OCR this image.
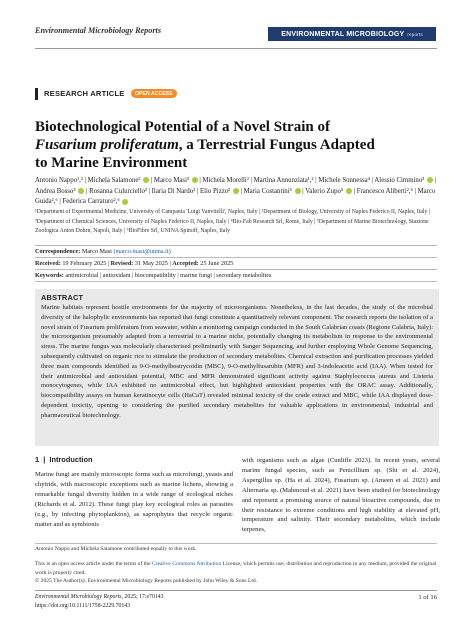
Environmental Microbiology Reports	ENVIRONMENTAL MICROBIOLOGY reports
RESEARCH ARTICLE	OPEN ACCESS
Biotechnological Potential of a Novel Strain of
Fusarium proliferatum, a Terrestrial Fungus Adapted
to Marine Environment
Antonio Nappo¹,² | Michela Salamone²  | Marco Masi³  | Michela Morelli² | Martina Annunziata¹,² | Michele Sonnessa⁴ | Alessio Cimmino³  | Andrea Bosso⁵  | Rosanna Culurciello² | Ilaria Di Nardo² | Elio Pizzo²  | Maria Costantini⁵  | Valerio Zupo⁵  | Francesco Aliberti²,⁶ | Marco Guida²,⁶ | Federica Carraturo²,⁶
¹Department of Experimental Medicine, University of Campania 'Luigi Vanvitelli', Naples, Italy | ²Department of Biology, University of Naples Federico II, Naples, Italy | ³Department of Chemical Sciences, University of Naples Federico II, Naples, Italy | ⁴Bio-Fab Research Srl, Rome, Italy | ⁵Department of Marine Biotechnology, Stazione Zoologica Anton Dohrn, Napoli, Italy | ⁶BioFibre Srl, UNINA Spinoff, Naples, Italy
Correspondence: Marco Masi (marco.masi@unina.it)
Received: 19 February 2025 | Revised: 31 May 2025 | Accepted: 25 June 2025
Keywords: antimicrobial | antioxidant | biocompatibility | marine fungi | secondary metabolites
ABSTRACT
Marine habitats represent hostile environments for the majority of microorganisms. Nonetheless, in the last decades, the study of the microbial diversity of the halophylic environments has reported that fungi constitute a quantitatively relevant component. The research reports the isolation of a novel strain of Fusarium proliferatum from seawater, within a monitoring campaign conducted in the South Calabrian coasts (Regione Calabria, Italy): the microorganism presumably adapted from a terrestrial to a marine niche, potentially changing its metabolism in response to the environmental stress. The marine fungus was molecularly characterised preliminarily with Sanger Sequencing, and further employing Whole Genome Sequencing, subsequently cultivated on organic rice to stimulate the production of secondary metabolites. Chemical extraction and purification processes yielded three main compounds identified as 9-O-methylbostrycoidin (MBC), 9-O-methylfusarubin (MFR) and 3-indoleacetic acid (IAA). When tested for their antimicrobial and antioxidant potential, MBC and MFR demonstrated significant activity against Staphylococcus aureus and Listeria monocytogenes, while IAA exhibited no antimicrobial effect, but highlighted antioxidant properties with the ORAC assay. Additionally, biocompatibility assays on human keratinocyte cells (HaCaT) revealed minimal toxicity of the crude extract and MBC, while IAA displayed dose-dependent toxicity, opening to considering the purified secondary metabolites for valuable applications in environmental, industrial and pharmaceutical biotechnology.
1  |  Introduction
Marine fungi are mainly microscopic forms such as microfungi, yeasts and chytrids, with macroscopic exceptions such as marine lichens, showing a remarkable fungal diversity hidden in a wide range of ecological niches (Richards et al. 2012). These fungi play key ecological roles as parasites (e.g., by infecting phytoplankton), as saprophytes that recycle organic matter and as symbionts
with organisms such as algae (Cunliffe 2023). In recent years, several marine fungal species, such as Penicillium sp. (Shi et al. 2024), Aspergillus sp. (Ha et al. 2024), Fusarium sp. (Ameen et al. 2021) and Alternaria sp. (Mahmoud et al. 2021) have been studied for biotechnology and represent a promising source of natural bioactive compounds, due to their resistance to extreme conditions and high stability at elevated pH, temperature and salinity. Their secondary metabolites, which include terpenes,
Antonio Nappo and Michela Salamone contributed equally to this work.
This is an open access article under the terms of the Creative Commons Attribution License, which permits use, distribution and reproduction in any medium, provided the original work is properly cited.
© 2025 The Author(s). Environmental Microbiology Reports published by John Wiley & Sons Ltd.
Environmental Microbiology Reports, 2025; 17:e70143
https://doi.org/10.1111/1758-2229.70143
1 of 16
